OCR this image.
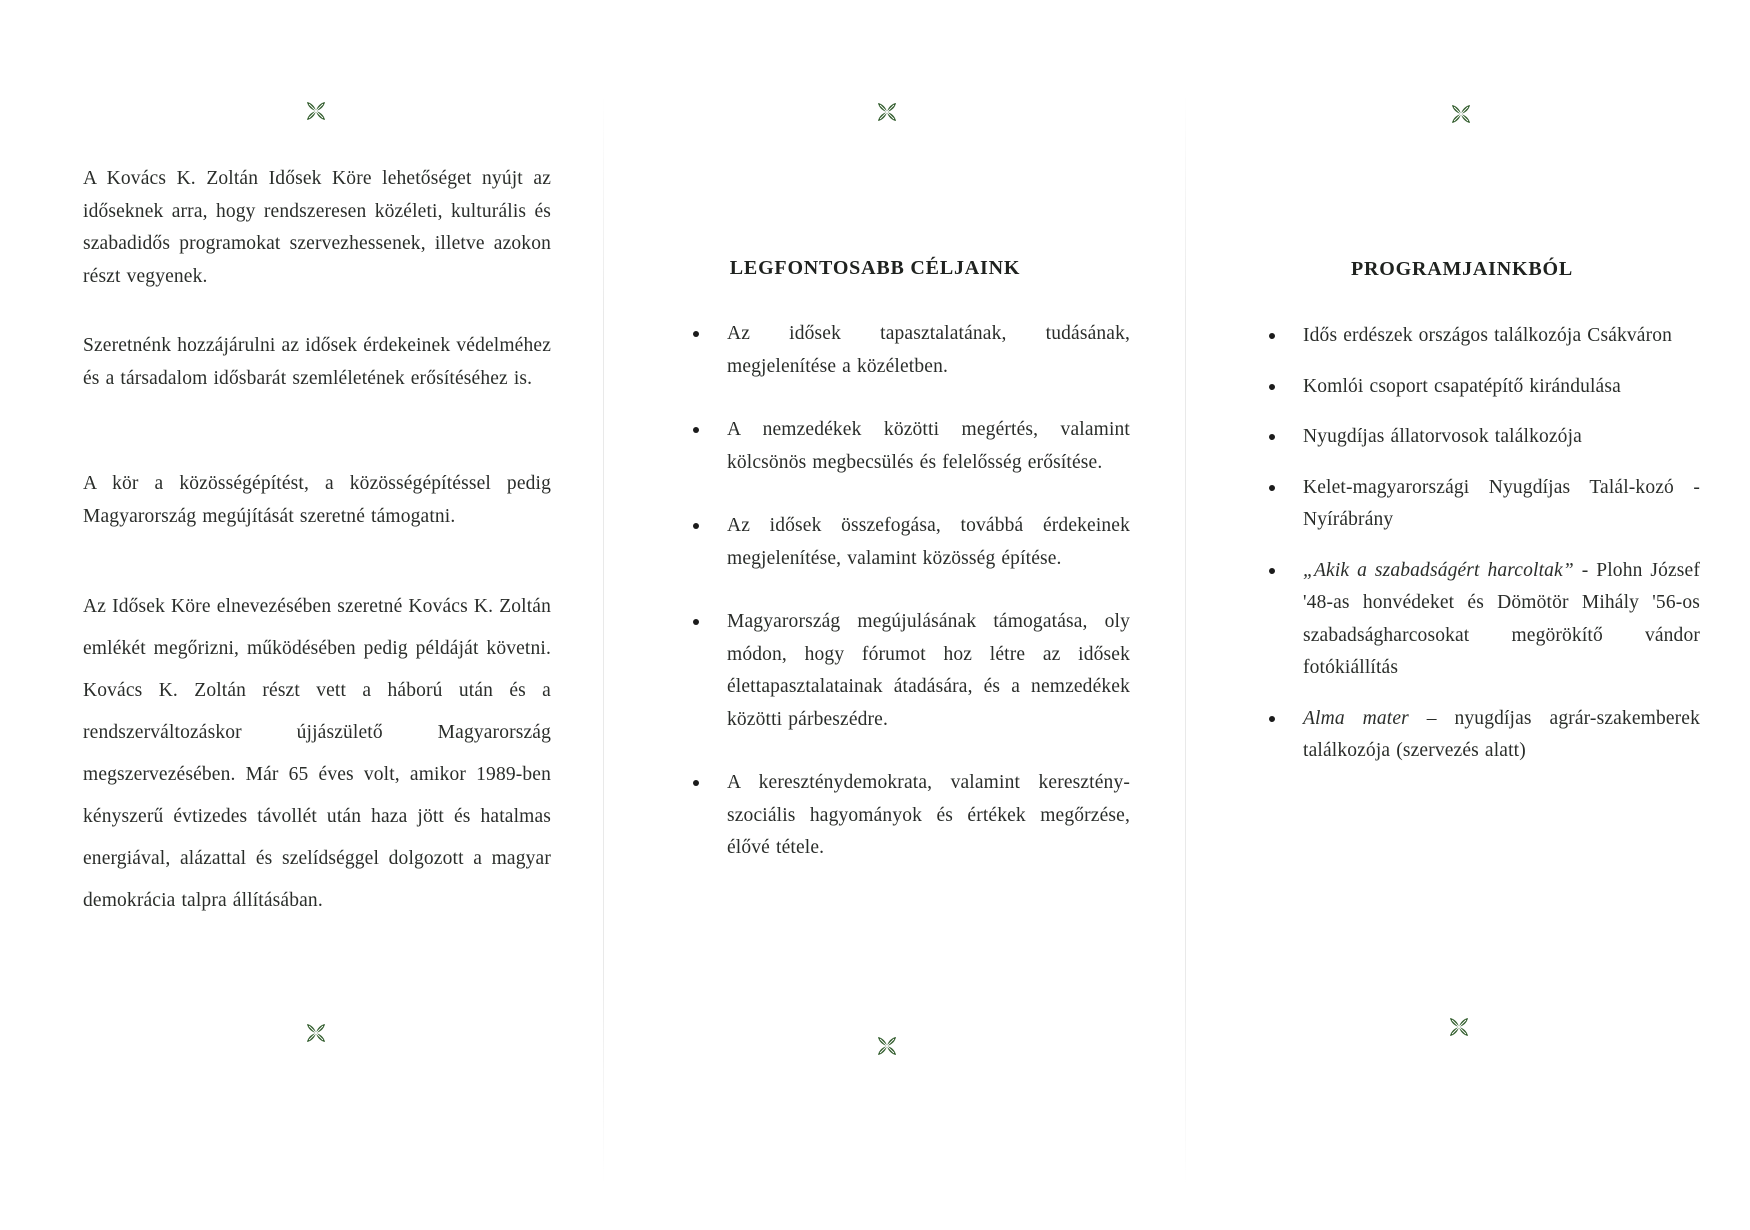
A Kovács K. Zoltán Idősek Köre lehetőséget nyújt az időseknek arra, hogy rendszeresen közéleti, kulturális és szabadidős programokat szervezhessenek, illetve azokon részt vegyenek.

Szeretnénk hozzájárulni az idősek érdekeinek védelméhez és a társadalom idősbarát szemléletének erősítéséhez is.

A kör a közösségépítést, a közösségépítéssel pedig Magyarország megújítását szeretné támogatni.

Az Idősek Köre elnevezésében szeretné Kovács K. Zoltán emlékét megőrizni, működésében pedig példáját követni. Kovács K. Zoltán részt vett a háború után és a rendszerváltozáskor újjászülető Magyarország megszervezésében. Már 65 éves volt, amikor 1989-ben kényszerű évtizedes távollét után haza jött és hatalmas energiával, alázattal és szelídséggel dolgozott a magyar demokrácia talpra állításában.

LEGFONTOSABB CÉLJAINK
Az idősek tapasztalatának, tudásának, megjelenítése a közéletben.
A nemzedékek közötti megértés, valamint kölcsönös megbecsülés és felelősség erősítése.
Az idősek összefogása, továbbá érdekeinek megjelenítése, valamint közösség építése.
Magyarország megújulásának támogatása, oly módon, hogy fórumot hoz létre az idősek élettapasztalatainak átadására, és a nemzedékek közötti párbeszédre.
A kereszténydemokrata, valamint keresztény-szociális hagyományok és értékek megőrzése, élővé tétele.
PROGRAMJAINKBÓL
Idős erdészek országos találkozója Csákváron
Komlói csoport csapatépítő kirándulása
Nyugdíjas állatorvosok találkozója
Kelet-magyarországi Nyugdíjas Talál-kozó - Nyírábrány
„Akik a szabadságért harcoltak” - Plohn József '48-as honvédeket és Dömötör Mihály '56-os szabadságharcosokat megörökítő vándor fotókiállítás
Alma mater – nyugdíjas agrár-szakemberek találkozója (szervezés alatt)
